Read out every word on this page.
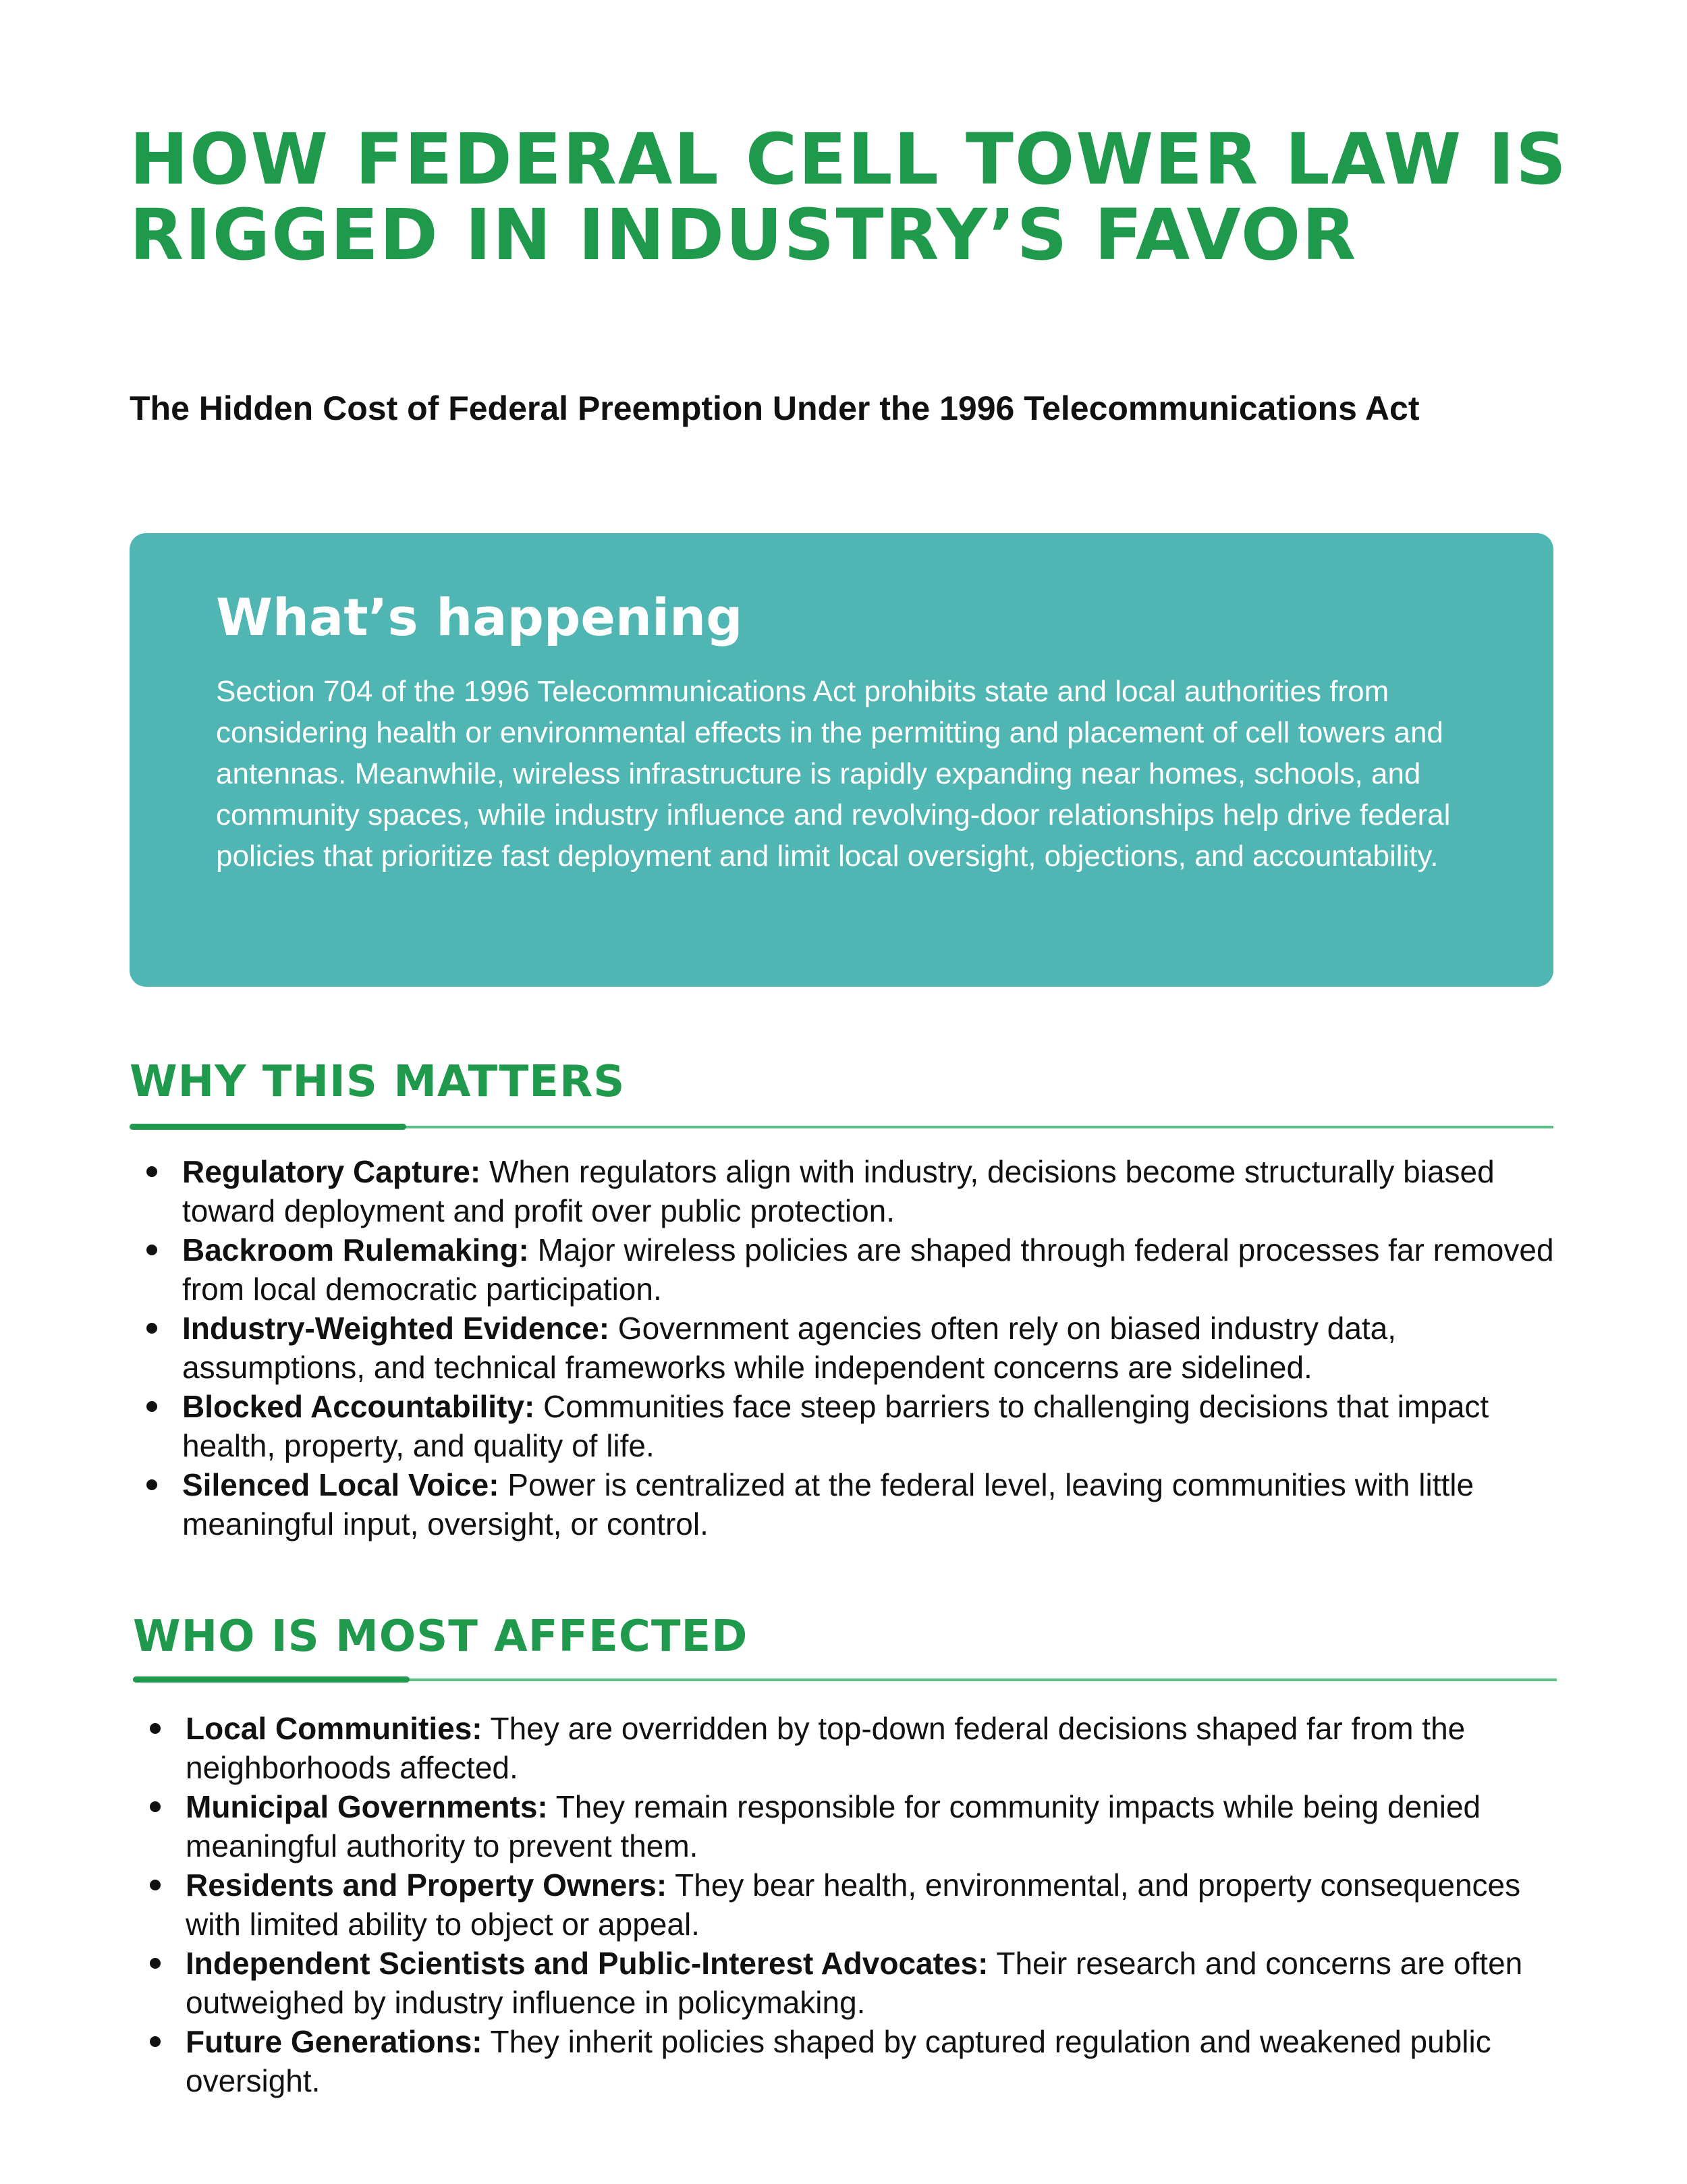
HOW FEDERAL CELL TOWER LAW IS RIGGED IN INDUSTRY’S FAVOR
The Hidden Cost of Federal Preemption Under the 1996 Telecommunications Act
What’s happening

Section 704 of the 1996 Telecommunications Act prohibits state and local authorities from considering health or environmental effects in the permitting and placement of cell towers and antennas. Meanwhile, wireless infrastructure is rapidly expanding near homes, schools, and community spaces, while industry influence and revolving-door relationships help drive federal policies that prioritize fast deployment and limit local oversight, objections, and accountability.

WHY THIS MATTERS
Regulatory Capture: When regulators align with industry, decisions become structurally biased toward deployment and profit over public protection.
Backroom Rulemaking: Major wireless policies are shaped through federal processes far removed from local democratic participation.
Industry-Weighted Evidence: Government agencies often rely on biased industry data, assumptions, and technical frameworks while independent concerns are sidelined.
Blocked Accountability: Communities face steep barriers to challenging decisions that impact health, property, and quality of life.
Silenced Local Voice: Power is centralized at the federal level, leaving communities with little meaningful input, oversight, or control.
WHO IS MOST AFFECTED
Local Communities: They are overridden by top-down federal decisions shaped far from the neighborhoods affected.
Municipal Governments: They remain responsible for community impacts while being denied meaningful authority to prevent them.
Residents and Property Owners: They bear health, environmental, and property consequences with limited ability to object or appeal.
Independent Scientists and Public-Interest Advocates: Their research and concerns are often outweighed by industry influence in policymaking.
Future Generations: They inherit policies shaped by captured regulation and weakened public oversight.
